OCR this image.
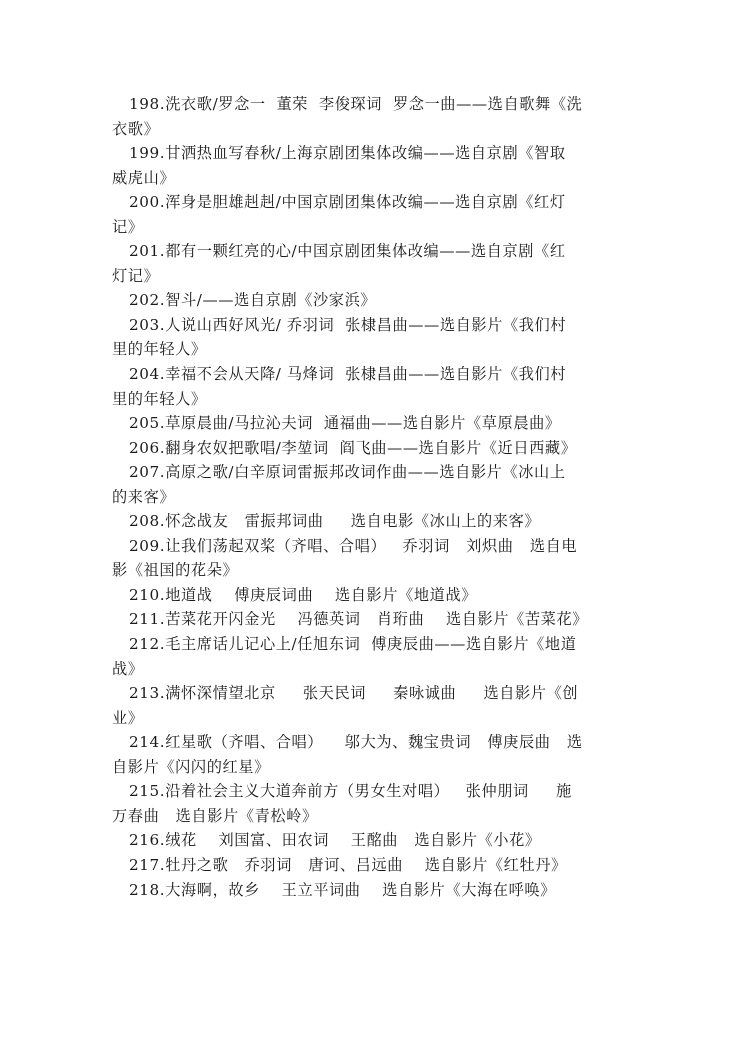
198.洗衣歌/罗念一  董荣  李俊琛词  罗念一曲——选自歌舞《洗
衣歌》
199.甘洒热血写春秋/上海京剧团集体改编——选自京剧《智取
威虎山》
200.浑身是胆雄赳赳/中国京剧团集体改编——选自京剧《红灯
记》
201.都有一颗红亮的心/中国京剧团集体改编——选自京剧《红
灯记》
202.智斗/——选自京剧《沙家浜》
203.人说山西好风光/ 乔羽词  张棣昌曲——选自影片《我们村
里的年轻人》
204.幸福不会从天降/ 马烽词  张棣昌曲——选自影片《我们村
里的年轻人》
205.草原晨曲/马拉沁夫词  通福曲——选自影片《草原晨曲》
206.翻身农奴把歌唱/李堃词  阎飞曲——选自影片《近日西藏》
207.高原之歌/白辛原词雷振邦改词作曲——选自影片《冰山上
的来客》
208.怀念战友   雷振邦词曲     选自电影《冰山上的来客》
209.让我们荡起双桨（齐唱、合唱）   乔羽词   刘炽曲   选自电
影《祖国的花朵》
210.地道战    傅庚辰词曲    选自影片《地道战》
211.苦菜花开闪金光    冯德英词   肖珩曲    选自影片《苦菜花》
212.毛主席话儿记心上/任旭东词  傅庚辰曲——选自影片《地道
战》
213.满怀深情望北京     张天民词     秦咏诚曲     选自影片《创
业》
214.红星歌（齐唱、合唱）    邬大为、魏宝贵词   傅庚辰曲   选
自影片《闪闪的红星》
215.沿着社会主义大道奔前方（男女生对唱）   张仲朋词     施
万春曲   选自影片《青松岭》
216.绒花    刘国富、田农词    王酩曲   选自影片《小花》
217.牡丹之歌   乔羽词   唐诃、吕远曲    选自影片《红牡丹》
218.大海啊，故乡    王立平词曲    选自影片《大海在呼唤》
